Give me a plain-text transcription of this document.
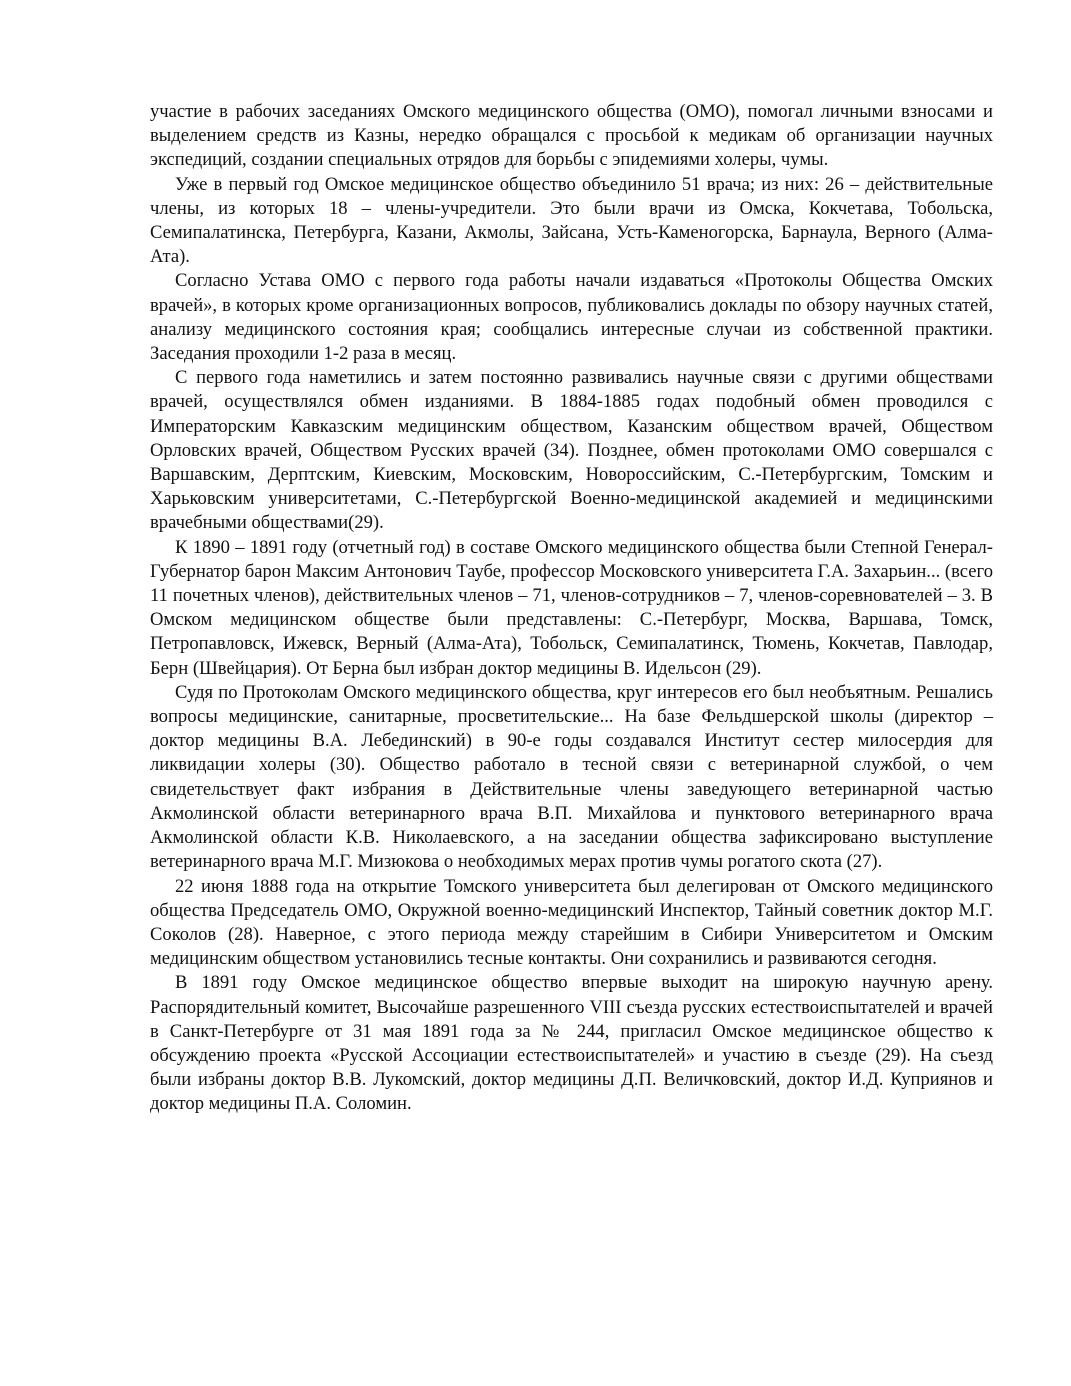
участие в рабочих заседаниях Омского медицинского общества (ОМО), помогал личными взносами и выделением средств из Казны, нередко обращался с просьбой к медикам об организации научных экспедиций, создании специальных отрядов для борьбы с эпидемиями холеры, чумы.

Уже в первый год Омское медицинское общество объединило 51 врача; из них: 26 – действительные члены, из которых 18 – члены-учредители. Это были врачи из Омска, Кокчетава, Тобольска, Семипалатинска, Петербурга, Казани, Акмолы, Зайсана, Усть-Каменогорска, Барнаула, Верного (Алма-Ата).

Согласно Устава ОМО с первого года работы начали издаваться «Протоколы Общества Омских врачей», в которых кроме организационных вопросов, публиковались доклады по обзору научных статей, анализу медицинского состояния края; сообщались интересные случаи из собственной практики. Заседания проходили 1-2 раза в месяц.

С первого года наметились и затем постоянно развивались научные связи с другими обществами врачей, осуществлялся обмен изданиями. В 1884-1885 годах подобный обмен проводился с Императорским Кавказским медицинским обществом, Казанским обществом врачей, Обществом Орловских врачей, Обществом Русских врачей (34). Позднее, обмен протоколами ОМО совершался с Варшавским, Дерптским, Киевским, Московским, Новороссийским, С.-Петербургским, Томским и Харьковским университетами, С.-Петербургской Военно-медицинской академией и медицинскими врачебными обществами(29).

К 1890 – 1891 году (отчетный год) в составе Омского медицинского общества были Степной Генерал-Губернатор барон Максим Антонович Таубе, профессор Московского университета Г.А. Захарьин... (всего 11 почетных членов), действительных членов – 71, членов-сотрудников – 7, членов-соревнователей – 3. В Омском медицинском обществе были представлены: С.-Петербург, Москва, Варшава, Томск, Петропавловск, Ижевск, Верный (Алма-Ата), Тобольск, Семипалатинск, Тюмень, Кокчетав, Павлодар, Берн (Швейцария). От Берна был избран доктор медицины В. Идельсон (29).

Судя по Протоколам Омского медицинского общества, круг интересов его был необъятным. Решались вопросы медицинские, санитарные, просветительские... На базе Фельдшерской школы (директор – доктор медицины В.А. Лебединский) в 90-е годы создавался Институт сестер милосердия для ликвидации холеры (30). Общество работало в тесной связи с ветеринарной службой, о чем свидетельствует факт избрания в Действительные члены заведующего ветеринарной частью Акмолинской области ветеринарного врача В.П. Михайлова и пунктового ветеринарного врача Акмолинской области К.В. Николаевского, а на заседании общества зафиксировано выступление ветеринарного врача М.Г. Мизюкова о необходимых мерах против чумы рогатого скота (27).

22 июня 1888 года на открытие Томского университета был делегирован от Омского медицинского общества Председатель ОМО, Окружной военно-медицинский Инспектор, Тайный советник доктор М.Г. Соколов (28). Наверное, с этого периода между старейшим в Сибири Университетом и Омским медицинским обществом установились тесные контакты. Они сохранились и развиваются сегодня.

В 1891 году Омское медицинское общество впервые выходит на широкую научную арену. Распорядительный комитет, Высочайше разрешенного VIII съезда русских естествоиспытателей и врачей в Санкт-Петербурге от 31 мая 1891 года за № 244, пригласил Омское медицинское общество к обсуждению проекта «Русской Ассоциации естествоиспытателей» и участию в съезде (29). На съезд были избраны доктор В.В. Лукомский, доктор медицины Д.П. Величковский, доктор И.Д. Куприянов и доктор медицины П.А. Соломин.
